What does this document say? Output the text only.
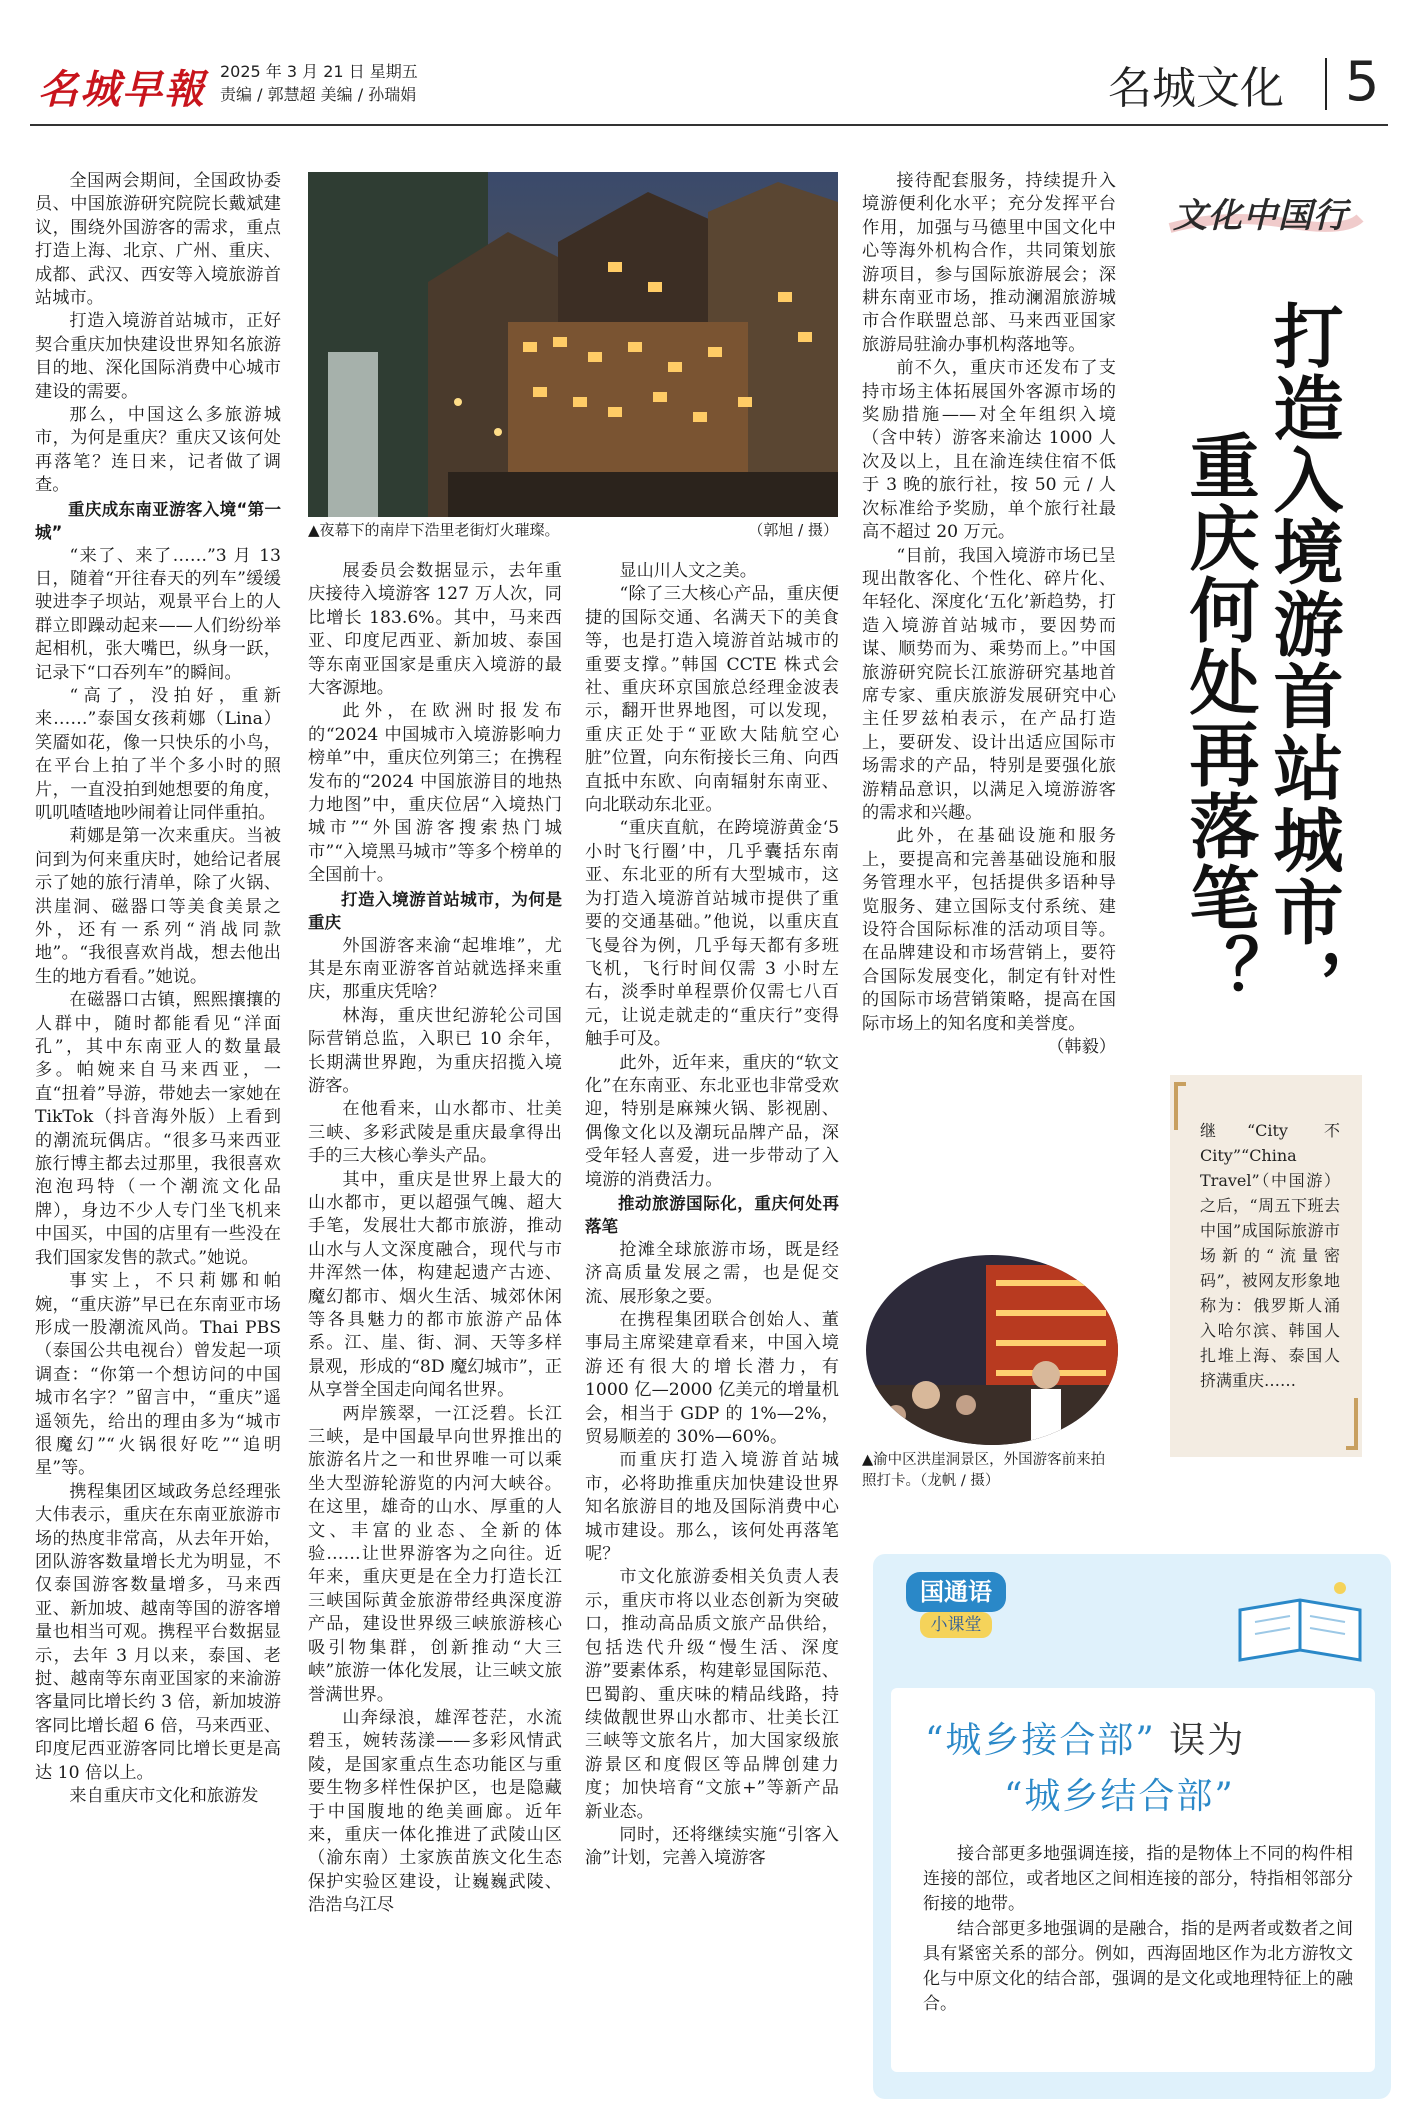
名城早報 2025 年 3 月 21 日 星期五
责编 / 郭慧超 美编 / 孙瑞娟	名城文化 5

全国两会期间，全国政协委员、中国旅游研究院院长戴斌建议，围绕外国游客的需求，重点打造上海、北京、广州、重庆、成都、武汉、西安等入境旅游首站城市。

打造入境游首站城市，正好契合重庆加快建设世界知名旅游目的地、深化国际消费中心城市建设的需要。

那么，中国这么多旅游城市，为何是重庆？重庆又该何处再落笔？连日来，记者做了调查。

重庆成东南亚游客入境“第一城”

“来了、来了……”3 月 13 日，随着“开往春天的列车”缓缓驶进李子坝站，观景平台上的人群立即躁动起来——人们纷纷举起相机，张大嘴巴，纵身一跃，记录下“口吞列车”的瞬间。

“高了，没拍好，重新来……”泰国女孩莉娜（Lina）笑靥如花，像一只快乐的小鸟，在平台上拍了半个多小时的照片，一直没拍到她想要的角度，叽叽喳喳地吵闹着让同伴重拍。

莉娜是第一次来重庆。当被问到为何来重庆时，她给记者展示了她的旅行清单，除了火锅、洪崖洞、磁器口等美食美景之外，还有一系列“消战同款地”。“我很喜欢肖战，想去他出生的地方看看。”她说。

在磁器口古镇，熙熙攘攘的人群中，随时都能看见“洋面孔”，其中东南亚人的数量最多。帕婉来自马来西亚，一直“扭着”导游，带她去一家她在 TikTok（抖音海外版）上看到的潮流玩偶店。“很多马来西亚旅行博主都去过那里，我很喜欢泡泡玛特（一个潮流文化品牌），身边不少人专门坐飞机来中国买，中国的店里有一些没在我们国家发售的款式。”她说。

事实上，不只莉娜和帕婉，“重庆游”早已在东南亚市场形成一股潮流风尚。Thai PBS（泰国公共电视台）曾发起一项调查：“你第一个想访问的中国城市名字？”留言中，“重庆”遥遥领先，给出的理由多为“城市很魔幻”“火锅很好吃”“追明星”等。

携程集团区域政务总经理张大伟表示，重庆在东南亚旅游市场的热度非常高，从去年开始，团队游客数量增长尤为明显，不仅泰国游客数量增多，马来西亚、新加坡、越南等国的游客增量也相当可观。携程平台数据显示，去年 3 月以来，泰国、老挝、越南等东南亚国家的来渝游客量同比增长约 3 倍，新加坡游客同比增长超 6 倍，马来西亚、印度尼西亚游客同比增长更是高达 10 倍以上。

来自重庆市文化和旅游发

▲夜幕下的南岸下浩里老街灯火璀璨。	（郭旭 / 摄）

展委员会数据显示，去年重庆接待入境游客 127 万人次，同比增长 183.6%。其中，马来西亚、印度尼西亚、新加坡、泰国等东南亚国家是重庆入境游的最大客源地。

此外，在欧洲时报发布的“2024 中国城市入境游影响力榜单”中，重庆位列第三；在携程发布的“2024 中国旅游目的地热力地图”中，重庆位居“入境热门城市”“外国游客搜索热门城市”“入境黑马城市”等多个榜单的全国前十。

打造入境游首站城市，为何是重庆

外国游客来渝“起堆堆”，尤其是东南亚游客首站就选择来重庆，那重庆凭啥？

林海，重庆世纪游轮公司国际营销总监，入职已 10 余年，长期满世界跑，为重庆招揽入境游客。

在他看来，山水都市、壮美三峡、多彩武陵是重庆最拿得出手的三大核心拳头产品。

其中，重庆是世界上最大的山水都市，更以超强气魄、超大手笔，发展壮大都市旅游，推动山水与人文深度融合，现代与市井浑然一体，构建起遗产古迹、魔幻都市、烟火生活、城郊休闲等各具魅力的都市旅游产品体系。江、崖、街、洞、天等多样景观，形成的“8D 魔幻城市”，正从享誉全国走向闻名世界。

两岸簇翠，一江泛碧。长江三峡，是中国最早向世界推出的旅游名片之一和世界唯一可以乘坐大型游轮游览的内河大峡谷。在这里，雄奇的山水、厚重的人文、丰富的业态、全新的体验……让世界游客为之向往。近年来，重庆更是在全力打造长江三峡国际黄金旅游带经典深度游产品，建设世界级三峡旅游核心吸引物集群，创新推动“大三峡”旅游一体化发展，让三峡文旅誉满世界。

山奔绿浪，雄浑苍茫，水流碧玉，婉转荡漾——多彩风情武陵，是国家重点生态功能区与重要生物多样性保护区，也是隐藏于中国腹地的绝美画廊。近年来，重庆一体化推进了武陵山区（渝东南）土家族苗族文化生态保护实验区建设，让巍巍武陵、浩浩乌江尽

显山川人文之美。

“除了三大核心产品，重庆便捷的国际交通、名满天下的美食等，也是打造入境游首站城市的重要支撑。”韩国 CCTE 株式会社、重庆环京国旅总经理金波表示，翻开世界地图，可以发现，重庆正处于“亚欧大陆航空心脏”位置，向东衔接长三角、向西直抵中东欧、向南辐射东南亚、向北联动东北亚。

“重庆直航，在跨境游黄金‘5 小时飞行圈’中，几乎囊括东南亚、东北亚的所有大型城市，这为打造入境游首站城市提供了重要的交通基础。”他说，以重庆直飞曼谷为例，几乎每天都有多班飞机，飞行时间仅需 3 小时左右，淡季时单程票价仅需七八百元，让说走就走的“重庆行”变得触手可及。

此外，近年来，重庆的“软文化”在东南亚、东北亚也非常受欢迎，特别是麻辣火锅、影视剧、偶像文化以及潮玩品牌产品，深受年轻人喜爱，进一步带动了入境游的消费活力。

推动旅游国际化，重庆何处再落笔

抢滩全球旅游市场，既是经济高质量发展之需，也是促交流、展形象之要。

在携程集团联合创始人、董事局主席梁建章看来，中国入境游还有很大的增长潜力，有 1000 亿—2000 亿美元的增量机会，相当于 GDP 的 1%—2%，贸易顺差的 30%—60%。

而重庆打造入境游首站城市，必将助推重庆加快建设世界知名旅游目的地及国际消费中心城市建设。那么，该何处再落笔呢？

市文化旅游委相关负责人表示，重庆市将以业态创新为突破口，推动高品质文旅产品供给，包括迭代升级“慢生活、深度游”要素体系，构建彰显国际范、巴蜀韵、重庆味的精品线路，持续做靓世界山水都市、壮美长江三峡等文旅名片，加大国家级旅游景区和度假区等品牌创建力度；加快培育“文旅+”等新产品新业态。

同时，还将继续实施“引客入渝”计划，完善入境游客

接待配套服务，持续提升入境游便利化水平；充分发挥平台作用，加强与马德里中国文化中心等海外机构合作，共同策划旅游项目，参与国际旅游展会；深耕东南亚市场，推动澜湄旅游城市合作联盟总部、马来西亚国家旅游局驻渝办事机构落地等。

前不久，重庆市还发布了支持市场主体拓展国外客源市场的奖励措施——对全年组织入境（含中转）游客来渝达 1000 人次及以上，且在渝连续住宿不低于 3 晚的旅行社，按 50 元 / 人次标准给予奖励，单个旅行社最高不超过 20 万元。

“目前，我国入境游市场已呈现出散客化、个性化、碎片化、年轻化、深度化‘五化’新趋势，打造入境游首站城市，要因势而谋、顺势而为、乘势而上。”中国旅游研究院长江旅游研究基地首席专家、重庆旅游发展研究中心主任罗兹柏表示，在产品打造上，要研发、设计出适应国际市场需求的产品，特别是要强化旅游精品意识，以满足入境游游客的需求和兴趣。

此外，在基础设施和服务上，要提高和完善基础设施和服务管理水平，包括提供多语种导览服务、建立国际支付系统、建设符合国际标准的活动项目等。在品牌建设和市场营销上，要符合国际发展变化，制定有针对性的国际市场营销策略，提高在国际市场上的知名度和美誉度。

（韩毅）

文化中国行
打造入境游首站城市，
重庆何处再落笔？
继“City 不 City”“China Travel”（中国游）之后，“周五下班去中国”成国际旅游市场新的“流量密码”，被网友形象地称为：俄罗斯人涌入哈尔滨、韩国人扎堆上海、泰国人挤满重庆……
▲渝中区洪崖洞景区，外国游客前来拍照打卡。（龙帆 / 摄）
国通语
小课堂
“城乡接合部” 误为
“城乡结合部”

接合部更多地强调连接，指的是物体上不同的构件相连接的部位，或者地区之间相连接的部分，特指相邻部分衔接的地带。

结合部更多地强调的是融合，指的是两者或数者之间具有紧密关系的部分。例如，西海固地区作为北方游牧文化与中原文化的结合部，强调的是文化或地理特征上的融合。
